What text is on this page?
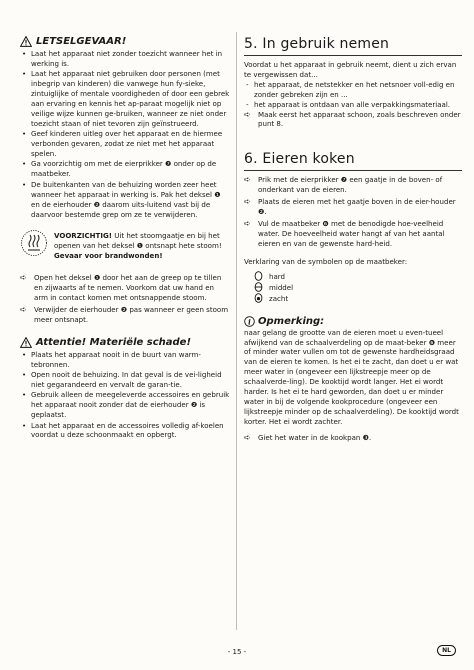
LETSELGEVAAR!
• Laat het apparaat niet zonder toezicht wanneer het in werking is.
• Laat het apparaat niet gebruiken door personen (met inbegrip van kinderen) die vanwege hun fy-sieke, zintuiglijke of mentale voordigheden of door een gebrek aan ervaring en kennis het ap-paraat mogelijk niet op veilige wijze kunnen ge-bruiken, wanneer ze niet onder toezicht staan of niet tevoren zijn geïnstrueerd.
• Geef kinderen uitleg over het apparaat en de hiermee verbonden gevaren, zodat ze niet met het apparaat spelen.
• Ga voorzichtig om met de eierprikker ❼ onder op de maatbeker.
• De buitenkanten van de behuizing worden zeer heet wanneer het apparaat in werking is. Pak het deksel ❶ en de eierhouder ❷ daarom uits-luitend vast bij de daarvoor bestemde grep om ze te verwijderen.

VOORZICHTIG! Uit het stoomgaatje en bij het openen van het deksel ❶ ontsnapt hete stoom! Gevaar voor brandwonden!

➪	Open het deksel ❶ door het aan de greep op te tillen en zijwaarts af te nemen. Voorkom dat uw hand en arm in contact komen met ontsnappende stoom.
➪	Verwijder de eierhouder ❷ pas wanneer er geen stoom meer ontsnapt.
Attentie! Materiële schade!
• Plaats het apparaat nooit in de buurt van warm-tebronnen.
• Open nooit de behuizing. In dat geval is de vei-ligheid niet gegarandeerd en vervalt de garan-tie.
• Gebruik alleen de meegeleverde accessoires en gebruik het apparaat nooit zonder dat de eierhouder ❷ is geplaatst.
• Laat het apparaat en de accessoires volledig af-koelen voordat u deze schoonmaakt en opbergt.
5. In gebruik nemen

Voordat u het apparaat in gebruik neemt, dient u zich ervan te vergewissen dat...

- het apparaat, de netstekker en het netsnoer voll-edig en zonder gebreken zijn en ...
- het apparaat is ontdaan van alle verpakkingsmateriaal.
➪	Maak eerst het apparaat schoon, zoals beschreven onder punt 8.
6. Eieren koken
➪	Prik met de eierprikker ❼ een gaatje in de boven- of onderkant van de eieren.
➪	Plaats de eieren met het gaatje boven in de eier-houder ❷.
➪	Vul de maatbeker ❻ met de benodigde hoe-veelheid water. De hoeveelheid water hangt af van het aantal eieren en van de gewenste hard-heid.

Verklaring van de symbolen op de maatbeker:

hard
middel
zacht
i Opmerking:

naar gelang de grootte van de eieren moet u even-tueel afwijkend van de schaalverdeling op de maat-beker ❻ meer of minder water vullen om tot de gewenste hardheidsgraad van de eieren te komen. Is het ei te zacht, dan doet u er wat meer water in (ongeveer een lijkstreepje meer op de schaalverde-ling). De kooktijd wordt langer. Het ei wordt harder. Is het ei te hard geworden, dan doet u er minder water in bij de volgende kookprocedure (ongeveer een lijkstreepje minder op de schaalverdeling). De kooktijd wordt korter. Het ei wordt zachter.

➪	Giet het water in de kookpan ❸.
- 15 -	NL
